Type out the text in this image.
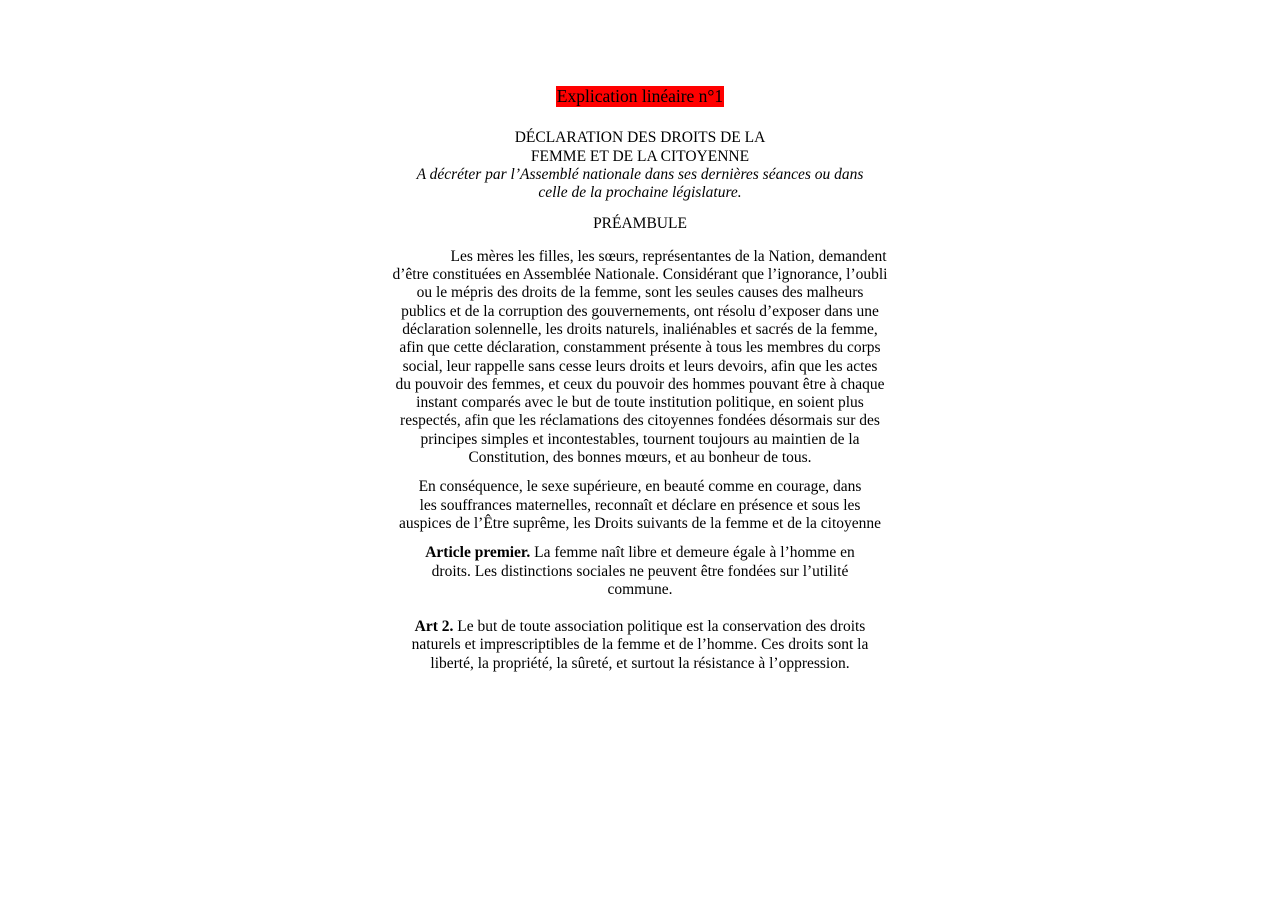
Explication linéaire n°1
DÉCLARATION DES DROITS DE LA
FEMME ET DE LA CITOYENNE
A décréter par l’Assemblé nationale dans ses dernières séances ou dans
celle de la prochaine législature.
PRÉAMBULE
Les mères les filles, les sœurs, représentantes de la Nation, demandent
d’être constituées en Assemblée Nationale. Considérant que l’ignorance, l’oubli
ou le mépris des droits de la femme, sont les seules causes des malheurs
publics et de la corruption des gouvernements, ont résolu d’exposer dans une
déclaration solennelle, les droits naturels, inaliénables et sacrés de la femme,
afin que cette déclaration, constamment présente à tous les membres du corps
social, leur rappelle sans cesse leurs droits et leurs devoirs, afin que les actes
du pouvoir des femmes, et ceux du pouvoir des hommes pouvant être à chaque
instant comparés avec le but de toute institution politique, en soient plus
respectés, afin que les réclamations des citoyennes fondées désormais sur des
principes simples et incontestables, tournent toujours au maintien de la
Constitution, des bonnes mœurs, et au bonheur de tous.
En conséquence, le sexe supérieure, en beauté comme en courage, dans
les souffrances maternelles, reconnaît et déclare en présence et sous les
auspices de l’Être suprême, les Droits suivants de la femme et de la citoyenne
Article premier. La femme naît libre et demeure égale à l’homme en
droits. Les distinctions sociales ne peuvent être fondées sur l’utilité
commune.
Art 2. Le but de toute association politique est la conservation des droits
naturels et imprescriptibles de la femme et de l’homme. Ces droits sont la
liberté, la propriété, la sûreté, et surtout la résistance à l’oppression.
